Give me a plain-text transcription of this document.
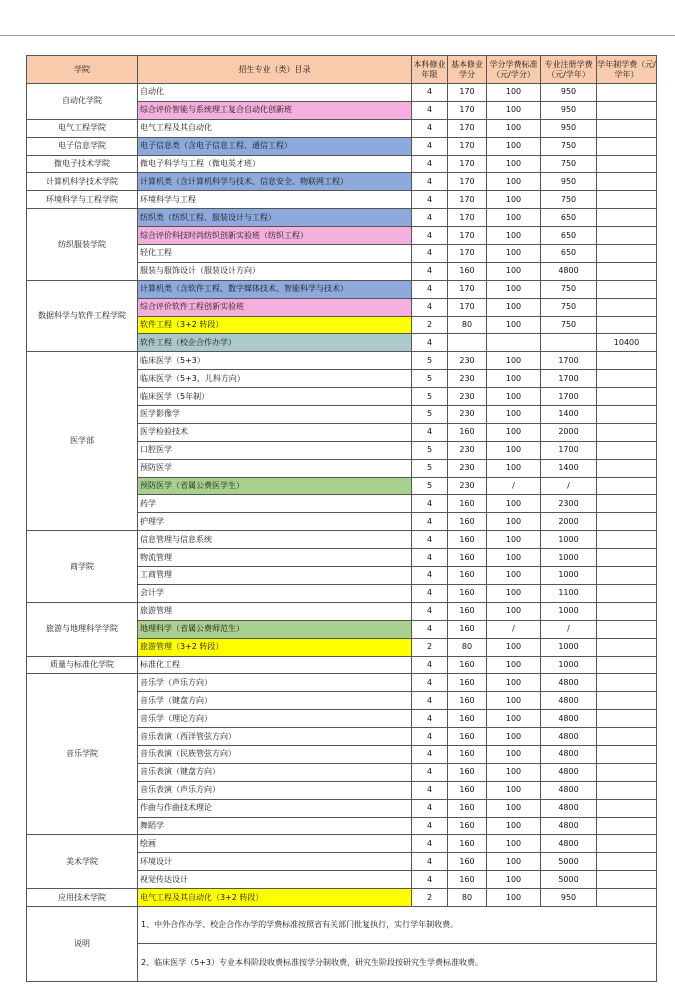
学院	招生专业（类）目录	本科修业年限	基本修业学分	学分学费标准（元/学分）	专业注册学费（元/学年）	学年制学费（元/学年）
自动化学院	自动化	4	170	100	950	
	综合评价智能与系统理工复合自动化创新班	4	170	100	950	
电气工程学院	电气工程及其自动化	4	170	100	950	
电子信息学院	电子信息类（含电子信息工程、通信工程）	4	170	100	750	
微电子技术学院	微电子科学与工程（微电英才班）	4	170	100	750	
计算机科学技术学院	计算机类（含计算机科学与技术、信息安全、物联网工程）	4	170	100	950	
环境科学与工程学院	环境科学与工程	4	170	100	750	
纺织服装学院	纺织类（纺织工程、服装设计与工程）	4	170	100	650	
	综合评价科技时尚纺织创新实验班（纺织工程）	4	170	100	650	
	轻化工程	4	170	100	650	
	服装与服饰设计（服装设计方向）	4	160	100	4800	
数据科学与软件工程学院	计算机类（含软件工程、数字媒体技术、智能科学与技术）	4	170	100	750	
	综合评价软件工程创新实验班	4	170	100	750	
	软件工程（3+2 转段）	2	80	100	750	
	软件工程（校企合作办学）	4				10400
医学部	临床医学（5+3）	5	230	100	1700	
	临床医学（5+3，儿科方向）	5	230	100	1700	
	临床医学（5年制）	5	230	100	1700	
	医学影像学	5	230	100	1400	
	医学检验技术	4	160	100	2000	
	口腔医学	5	230	100	1700	
	预防医学	5	230	100	1400	
	预防医学（省属公费医学生）	5	230	/	/	
	药学	4	160	100	2300	
	护理学	4	160	100	2000	
商学院	信息管理与信息系统	4	160	100	1000	
	物流管理	4	160	100	1000	
	工商管理	4	160	100	1000	
	会计学	4	160	100	1100	
旅游与地理科学学院	旅游管理	4	160	100	1000	
	地理科学（省属公费师范生）	4	160	/	/	
	旅游管理（3+2 转段）	2	80	100	1000	
质量与标准化学院	标准化工程	4	160	100	1000	
音乐学院	音乐学（声乐方向）	4	160	100	4800	
	音乐学（键盘方向）	4	160	100	4800	
	音乐学（理论方向）	4	160	100	4800	
	音乐表演（西洋管弦方向）	4	160	100	4800	
	音乐表演（民族管弦方向）	4	160	100	4800	
	音乐表演（键盘方向）	4	160	100	4800	
	音乐表演（声乐方向）	4	160	100	4800	
	作曲与作曲技术理论	4	160	100	4800	
	舞蹈学	4	160	100	4800	
美术学院	绘画	4	160	100	4800	
	环境设计	4	160	100	5000	
	视觉传达设计	4	160	100	5000	
应用技术学院	电气工程及其自动化（3+2 转段）	2	80	100	950	
说明	1、中外合作办学、校企合作办学的学费标准按照省有关部门批复执行，实行学年制收费。					
	2、临床医学（5+3）专业本科阶段收费标准按学分制收费，研究生阶段按研究生学费标准收费。					
